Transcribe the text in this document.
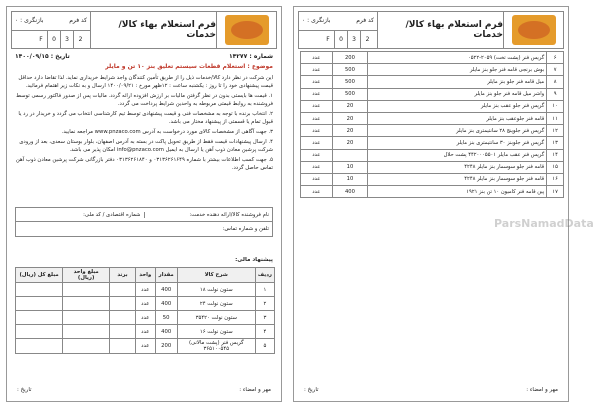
فرم استعلام بهاء کالا/خدمات
کد فرم
بازنگری : ۰
F	0	3	2
شماره : ۱۴۲۷۷
تاریخ : ۱۴۰۰/۰۹/۱۵
موضوع : استعلام قطعات سیستم تعلیق بنز ۱۰ تن و مایلر

این شرکت در نظر دارد کالا/خدمات ذیل را از طریق تأمین کنندگان واجد شرایط خریداری نماید. لذا تقاضا دارد حداقل قیمت پیشنهادی خود را تا روز : یکشنبه ساعت : ۱۲ظهر مورخ : ۱۴۰۰/۰۹/۲۱ ارسال و به نکات زیر اهتمام فرمائید.

۱. قیمت ها بایستی بدون در نظر گرفتن مالیات بر ارزش افزوده ارائه گردد. مالیات پس از صدور فاکتور رسمی توسط فروشنده به روابط قیمتی مربوطه به واحدین شرایط پرداخت می گردد.

۲. انتخاب برنده با توجه به مشخصات فنی و قیمت پیشنهادی توسط تیم کارشناسی انتخاب می گردد و خریدار در رد یا قبول تمام یا قسمتی از پیشنهاد مختار می باشد.

۳. جهت آگاهی از مشخصات کالای مورد درخواست به آدرس www.pnzaco.com مراجعه نمایید.

۴. ارسال پیشنهادات قیمت فقط از طریق تحویل پاکت در بسته به آدرس اصفهان، بلوار بوستان سعدی، بعد از ورودی شرکت پرشین معادن ذوب آهن یا ارسال به ایمیل info@pnzaco.com امکان پذیر می باشد.

۵. جهت کسب اطلاعات بیشتر با شماره ۰۳۱۳۶۲۶۱۶۴۹ و ۰۳۱۳۶۲۶۱۸۴۰ دفتر بازرگانی شرکت پرشین معادن ذوب آهن تماس حاصل گردد.

نام فروشنده کالا/ارائه دهنده خدمت:
شماره اقتصادی / کد ملی:
تلفن و شماره تماس:
پیشنهاد مالی:
ردیف	شرح کالا	مقدار	واحد	برند	مبلغ واحد (ریال)	مبلغ کل (ریال)
۱	ستون نولت ۱۸	400	عدد			
۲	ستون نولت ۲۴	400	عدد			
۳	ستون نولت ۳۵۴۲۰	50	عدد			
۴	ستون نولت ۱۶	400	عدد			
۵	گریس فنر (پشت مالانی) ۳۶۵۱۰۰۵۴۵	200	عدد			
مهر و امضاء :
تاریخ :
فرم استعلام بهاء کالا/خدمات
کد فرم
بازنگری : ۰
F	0	3	2
۶	گریس فنر (پشت تخت) ۲۰۵۹-۰۵۲۲	200	عدد
۷	بوش برنجی قامه فنر جلو بنز مایلر	500	عدد
۸	میل قامه فنر جلو بنز مایلر	500	عدد
۹	واشر میل قامه فنر جلو بنز مایلر	500	عدد
۱۰	گرپس فنر جلو عقب بنز مایلر	20	عدد
۱۱	قامه فنر جلوعقب بنز مایلر	20	عدد
۱۲	گرپس فنر جلوپنج ۲۸ سانتیمتری بنز مایلر	20	عدد
۱۳	گرپس فنر جلوبنز ۳۰ سانتیمتری بنز مایلر	20	عدد
۱۴	گرپس فنر عقب مایلر ۴۴۲۰۰۰۵۵۰۱ پشت حلال		عدد
۱۵	قامه فنر جلو سوسمار بنز مایلر ۴۲۴۸	10	عدد
۱۶	قامه فنر جلو سوسمار بنز مایلر ۴۲۴۸	10	عدد
۱۷	پین قامه فنر کامیون ۱۰ تن بنز ۱۹۲۱	400	عدد
ParsNamadData
مهر و امضاء :
تاریخ :
